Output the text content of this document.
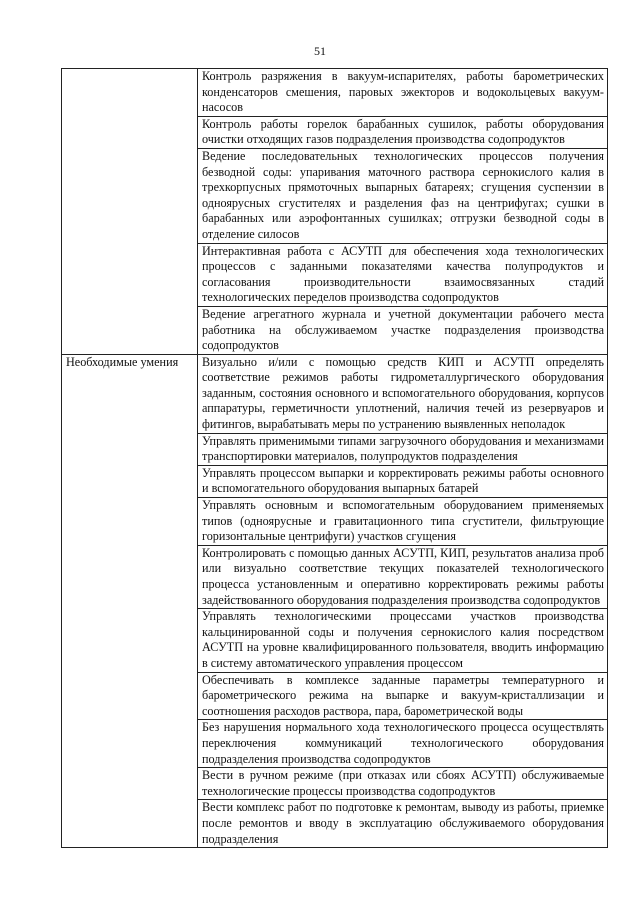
51

	Контроль разряжения в вакуум-испарителях, работы барометрических конденсаторов смешения, паровых эжекторов и водокольцевых вакуум-насосов

	Контроль работы горелок барабанных сушилок, работы оборудования очистки отходящих газов подразделения производства содопродуктов

	Ведение последовательных технологических процессов получения безводной соды: упаривания маточного раствора сернокислого калия в трехкорпусных прямоточных выпарных батареях; сгущения суспензии в одноярусных сгустителях и разделения фаз на центрифугах; сушки в барабанных или аэрофонтанных сушилках; отгрузки безводной соды в отделение силосов

	Интерактивная работа с АСУТП для обеспечения хода технологических процессов с заданными показателями качества полупродуктов и согласования производительности взаимосвязанных стадий технологических переделов производства содопродуктов

	Ведение агрегатного журнала и учетной документации рабочего места работника на обслуживаемом участке подразделения производства содопродуктов

Необходимые умения	Визуально и/или с помощью средств КИП и АСУТП определять соответствие режимов работы гидрометаллургического оборудования заданным, состояния основного и вспомогательного оборудования, корпусов аппаратуры, герметичности уплотнений, наличия течей из резервуаров и фитингов, вырабатывать меры по устранению выявленных неполадок

	Управлять применимыми типами загрузочного оборудования и механизмами транспортировки материалов, полупродуктов подразделения

	Управлять процессом выпарки и корректировать режимы работы основного и вспомогательного оборудования выпарных батарей

	Управлять основным и вспомогательным оборудованием применяемых типов (одноярусные и гравитационного типа сгустители, фильтрующие горизонтальные центрифуги) участков сгущения

	Контролировать с помощью данных АСУТП, КИП, результатов анализа проб или визуально соответствие текущих показателей технологического процесса установленным и оперативно корректировать режимы работы задействованного оборудования подразделения производства содопродуктов

	Управлять технологическими процессами участков производства кальцинированной соды и получения сернокислого калия посредством АСУТП на уровне квалифицированного пользователя, вводить информацию в систему автоматического управления процессом

	Обеспечивать в комплексе заданные параметры температурного и барометрического режима на выпарке и вакуум-кристаллизации и соотношения расходов раствора, пара, барометрической воды

	Без нарушения нормального хода технологического процесса осуществлять переключения коммуникаций технологического оборудования подразделения производства содопродуктов

	Вести в ручном режиме (при отказах или сбоях АСУТП) обслуживаемые технологические процессы производства содопродуктов

	Вести комплекс работ по подготовке к ремонтам, выводу из работы, приемке после ремонтов и вводу в эксплуатацию обслуживаемого оборудования подразделения
